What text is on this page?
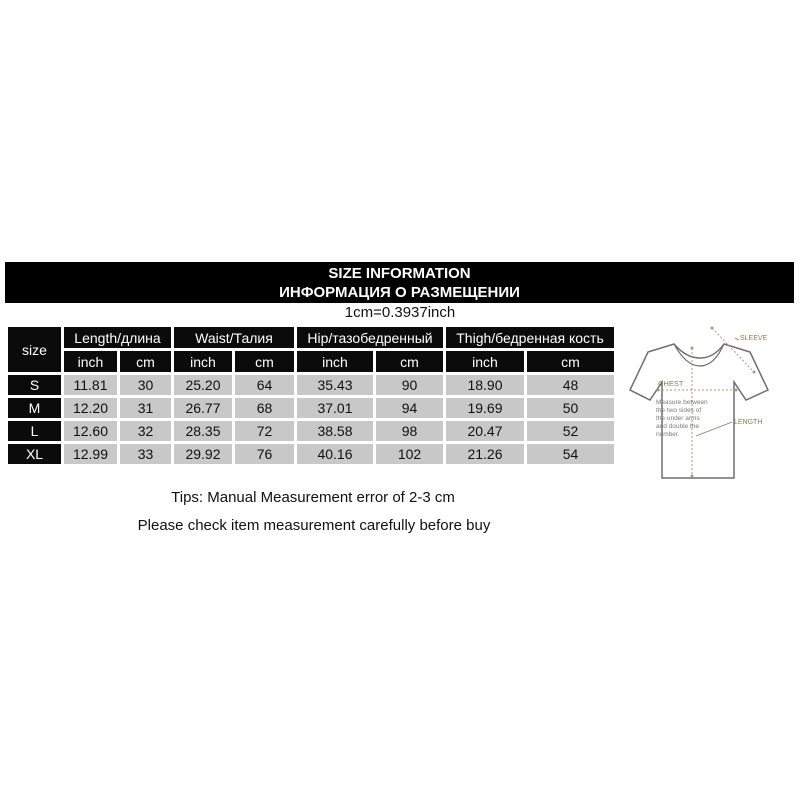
SIZE INFORMATION
ИНФОРМАЦИЯ О РАЗМЕЩЕНИИ
1cm=0.3937inch
size	Length/длина		Waist/Талия		Hip/тазобедренный		Thigh/бедренная кость	
	inch	cm	inch	cm	inch	cm	inch	cm
S	11.81	30	25.20	64	35.43	90	18.90	48
M	12.20	31	26.77	68	37.01	94	19.69	50
L	12.60	32	28.35	72	38.58	98	20.47	52
XL	12.99	33	29.92	76	40.16	102	21.26	54
SLEEVE
CHEST
LENGTH
Measure between
the two sides of
the under arms
and double the
number.
Tips: Manual Measurement error of 2-3 cm
Please check item measurement carefully before buy
